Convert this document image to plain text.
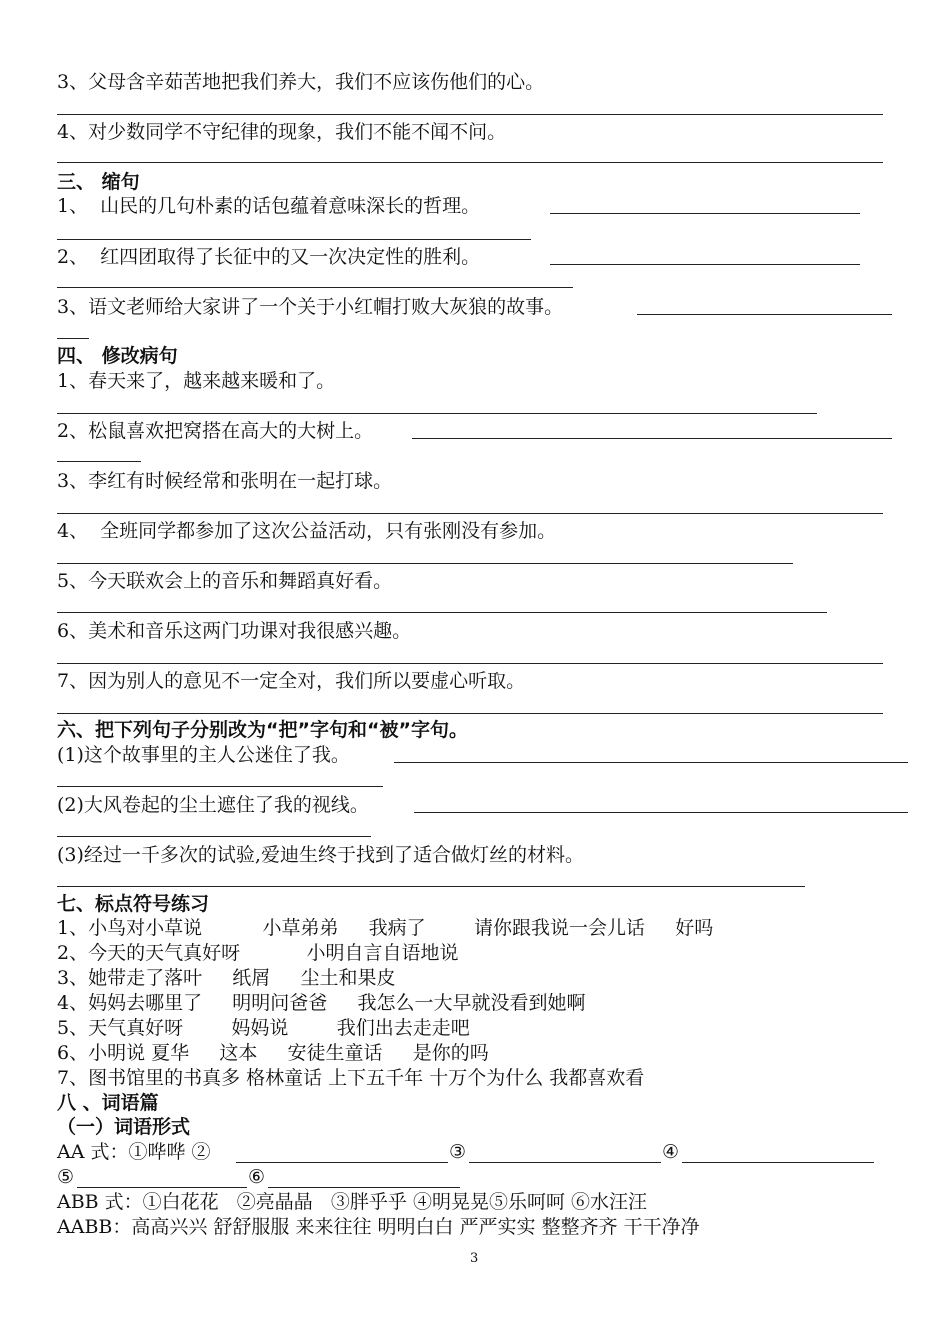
3、父母含辛茹苦地把我们养大，我们不应该伤他们的心。
4、对少数同学不守纪律的现象，我们不能不闻不问。
三、 缩句
1、  山民的几句朴素的话包蕴着意味深长的哲理。
2、  红四团取得了长征中的又一次决定性的胜利。
3、语文老师给大家讲了一个关于小红帽打败大灰狼的故事。
四、 修改病句
1、春天来了，越来越来暖和了。
2、松鼠喜欢把窝搭在高大的大树上。
3、李红有时候经常和张明在一起打球。
4、  全班同学都参加了这次公益活动，只有张刚没有参加。
5、今天联欢会上的音乐和舞蹈真好看。
6、美术和音乐这两门功课对我很感兴趣。
7、因为别人的意见不一定全对，我们所以要虚心听取。
六、把下列句子分别改为“把”字句和“被”字句。
(1)这个故事里的主人公迷住了我。
(2)大风卷起的尘土遮住了我的视线。
(3)经过一千多次的试验,爱迪生终于找到了适合做灯丝的材料。
七、标点符号练习
1、小鸟对小草说          小草弟弟     我病了        请你跟我说一会儿话     好吗
2、今天的天气真好呀           小明自言自语地说
3、她带走了落叶     纸屑     尘土和果皮
4、妈妈去哪里了     明明问爸爸     我怎么一大早就没看到她啊
5、天气真好呀        妈妈说        我们出去走走吧
6、小明说 夏华     这本     安徒生童话     是你的吗
7、图书馆里的书真多 格林童话 上下五千年 十万个为什么 我都喜欢看
八 、词语篇
（一）词语形式
AA 式：①哗哗 ②	③	④
⑤	⑥
ABB 式：①白花花   ②亮晶晶   ③胖乎乎 ④明晃晃⑤乐呵呵 ⑥水汪汪
AABB：高高兴兴 舒舒服服 来来往往 明明白白 严严实实 整整齐齐 干干净净
3
